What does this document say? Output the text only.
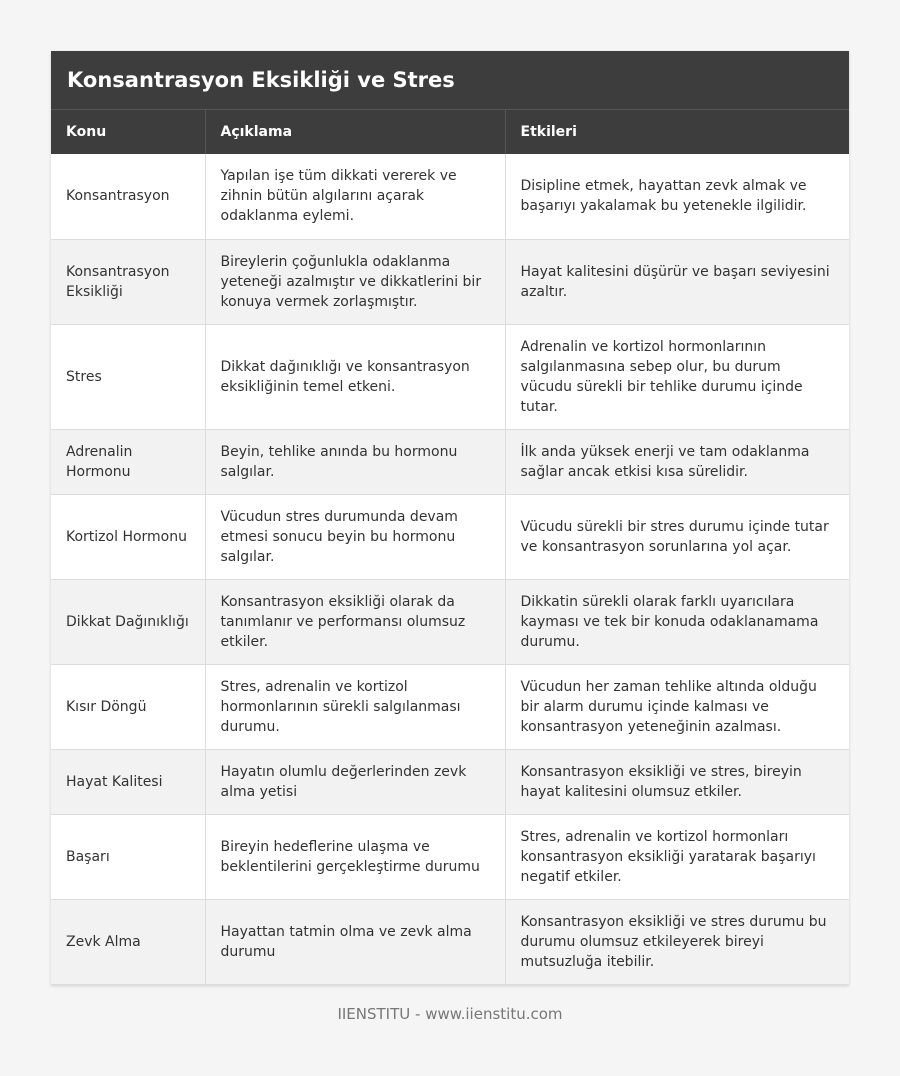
Konsantrasyon Eksikliği ve Stres
Konu	Açıklama	Etkileri
Konsantrasyon	Yapılan işe tüm dikkati vererek ve zihnin bütün algılarını açarak odaklanma eylemi.	Disipline etmek, hayattan zevk almak ve başarıyı yakalamak bu yetenekle ilgilidir.
Konsantrasyon Eksikliği	Bireylerin çoğunlukla odaklanma yeteneği azalmıştır ve dikkatlerini bir konuya vermek zorlaşmıştır.	Hayat kalitesini düşürür ve başarı seviyesini azaltır.
Stres	Dikkat dağınıklığı ve konsantrasyon eksikliğinin temel etkeni.	Adrenalin ve kortizol hormonlarının salgılanmasına sebep olur, bu durum vücudu sürekli bir tehlike durumu içinde tutar.
Adrenalin Hormonu	Beyin, tehlike anında bu hormonu salgılar.	İlk anda yüksek enerji ve tam odaklanma sağlar ancak etkisi kısa sürelidir.
Kortizol Hormonu	Vücudun stres durumunda devam etmesi sonucu beyin bu hormonu salgılar.	Vücudu sürekli bir stres durumu içinde tutar ve konsantrasyon sorunlarına yol açar.
Dikkat Dağınıklığı	Konsantrasyon eksikliği olarak da tanımlanır ve performansı olumsuz etkiler.	Dikkatin sürekli olarak farklı uyarıcılara kayması ve tek bir konuda odaklanamama durumu.
Kısır Döngü	Stres, adrenalin ve kortizol hormonlarının sürekli salgılanması durumu.	Vücudun her zaman tehlike altında olduğu bir alarm durumu içinde kalması ve konsantrasyon yeteneğinin azalması.
Hayat Kalitesi	Hayatın olumlu değerlerinden zevk alma yetisi	Konsantrasyon eksikliği ve stres, bireyin hayat kalitesini olumsuz etkiler.
Başarı	Bireyin hedeflerine ulaşma ve beklentilerini gerçekleştirme durumu	Stres, adrenalin ve kortizol hormonları konsantrasyon eksikliği yaratarak başarıyı negatif etkiler.
Zevk Alma	Hayattan tatmin olma ve zevk alma durumu	Konsantrasyon eksikliği ve stres durumu bu durumu olumsuz etkileyerek bireyi mutsuzluğa itebilir.
IIENSTITU - www.iienstitu.com
